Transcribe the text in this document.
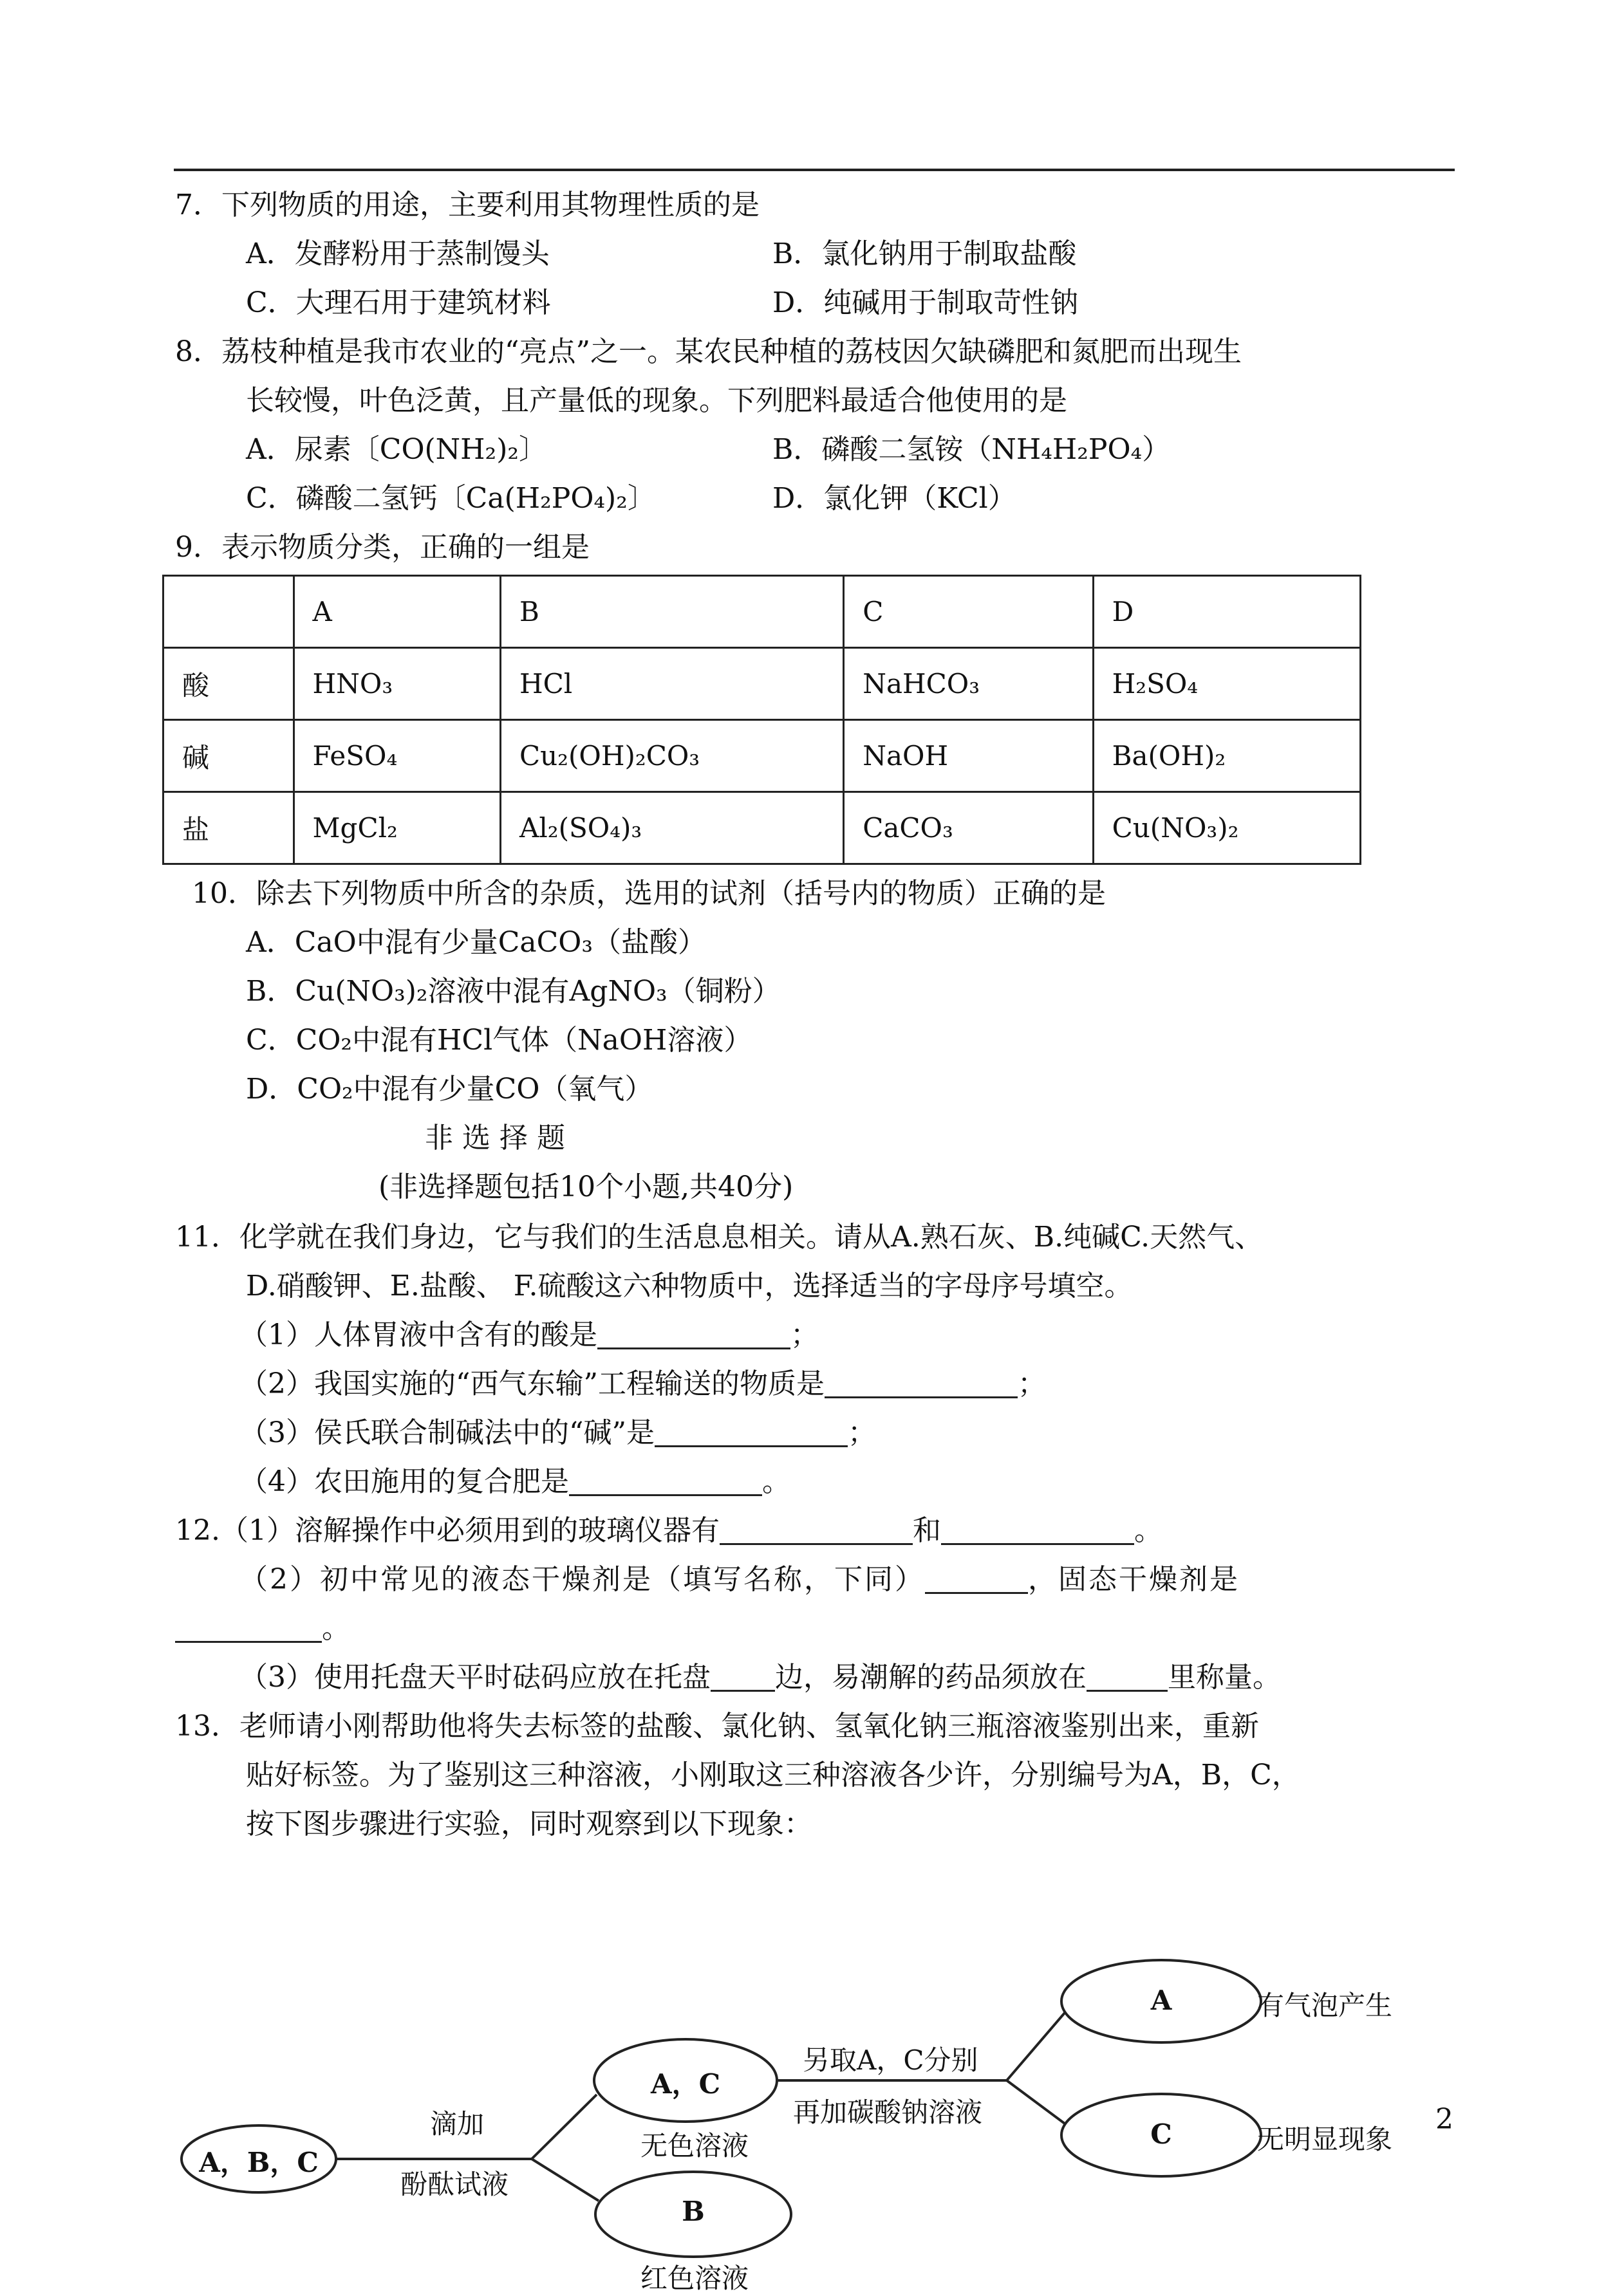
7．下列物质的用途，主要利用其物理性质的是
A．发酵粉用于蒸制馒头	B．氯化钠用于制取盐酸
C．大理石用于建筑材料	D．纯碱用于制取苛性钠
8．荔枝种植是我市农业的“亮点”之一。某农民种植的荔枝因欠缺磷肥和氮肥而出现生
长较慢，叶色泛黄，且产量低的现象。下列肥料最适合他使用的是
A．尿素〔CO(NH₂)₂〕	B．磷酸二氢铵（NH₄H₂PO₄）
C．磷酸二氢钙〔Ca(H₂PO₄)₂〕	D．氯化钾（KCl）
9．表示物质分类，正确的一组是
	A	B	C	D
酸	HNO₃	HCl	NaHCO₃	H₂SO₄
碱	FeSO₄	Cu₂(OH)₂CO₃	NaOH	Ba(OH)₂
盐	MgCl₂	Al₂(SO₄)₃	CaCO₃	Cu(NO₃)₂
10．除去下列物质中所含的杂质，选用的试剂（括号内的物质）正确的是
A．CaO中混有少量CaCO₃（盐酸）
B．Cu(NO₃)₂溶液中混有AgNO₃（铜粉）
C．CO₂中混有HCl气体（NaOH溶液）
D．CO₂中混有少量CO（氧气）
非 选 择 题
(非选择题包括10个小题,共40分)
11．化学就在我们身边，它与我们的生活息息相关。请从A.熟石灰、B.纯碱C.天然气、
D.硝酸钾、E.盐酸、 F.硫酸这六种物质中，选择适当的字母序号填空。
（1）人体胃液中含有的酸是	；
（2）我国实施的“西气东输”工程输送的物质是	；
（3）侯氏联合制碱法中的“碱”是	；
（4）农田施用的复合肥是	。
12.（1）溶解操作中必须用到的玻璃仪器有	和	。
（2）初中常见的液态干燥剂是（填写名称，下同）	，固态干燥剂是
。
（3）使用托盘天平时砝码应放在托盘 边，易潮解的药品须放在	里称量。
13．老师请小刚帮助他将失去标签的盐酸、氯化钠、氢氧化钠三瓶溶液鉴别出来，重新
贴好标签。为了鉴别这三种溶液，小刚取这三种溶液各少许，分别编号为A，B，C，
按下图步骤进行实验，同时观察到以下现象：
A，B，C
滴加
酚酞试液
A，C
无色溶液
B
红色溶液
另取A，C分别
再加碳酸钠溶液
A	有气泡产生
C	无明显现象
2
